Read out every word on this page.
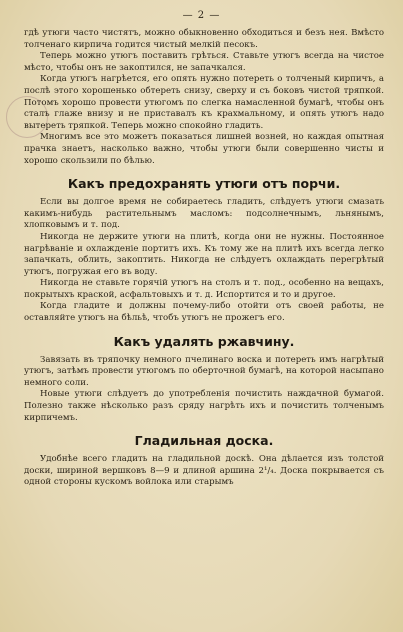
— 2 —

гдѣ утюги часто чистятъ, можно обыкновенно обходиться и безъ нея. Вмѣсто толченаго кирпича годится чистый мелкій песокъ.

Теперь можно утюгъ поставить грѣться. Ставьте утюгъ всегда на чистое мѣсто, чтобы онъ не закоптился, не запачкался.

Когда утюгъ нагрѣется, его опять нужно потереть о толченый кирпичъ, а послѣ этого хорошенько обтереть снизу, сверху и съ боковъ чистой тряпкой. Потомъ хорошо провести утюгомъ по слегка намасленной бумагѣ, чтобы онъ сталъ глаже внизу и не приставалъ къ крахмальному, и опять утюгъ надо вытереть тряпкой. Теперь можно спокойно гладить.

Многимъ все это можетъ показаться лишней возней, но каждая опытная прачка знаетъ, насколько важно, чтобы утюги были совершенно чисты и хорошо скользили по бѣлью.

Какъ предохранять утюги отъ порчи.

Если вы долгое время не собираетесь гладить, слѣдуетъ утюги смазать какимъ-нибудь растительнымъ масломъ: подсолнечнымъ, льнянымъ, хлопковымъ и т. под.

Никогда не держите утюги на плитѣ, когда они не нужны. Постоянное нагрѣваніе и охлажденіе портитъ ихъ. Къ тому же на плитѣ ихъ всегда легко запачкать, облить, закоптить. Никогда не слѣдуетъ охлаждать перегрѣтый утюгъ, погружая его въ воду.

Никогда не ставьте горячій утюгъ на столъ и т. под., особенно на вещахъ, покрытыхъ краской, асфальтовыхъ и т. д. Испортится и то и другое.

Когда гладите и должны почему-либо отойти отъ своей работы, не оставляйте утюгъ на бѣльѣ, чтобъ утюгъ не прожегъ его.

Какъ удалять ржавчину.

Завязать въ тряпочку немного пчелинаго воска и потереть имъ нагрѣтый утюгъ, затѣмъ провести утюгомъ по оберточной бумагѣ, на которой насыпано немного соли.

Новые утюги слѣдуетъ до употребленія почистить наждачной бумагой. Полезно также нѣсколько разъ сряду нагрѣть ихъ и почистить толченымъ кирпичемъ.

Гладильная доска.

Удобнѣе всего гладить на гладильной доскѣ. Она дѣлается изъ толстой доски, шириной вершковъ 8—9 и длиной аршина 2¹/₄. Доска покрывается съ одной стороны кускомъ войлока или старымъ
